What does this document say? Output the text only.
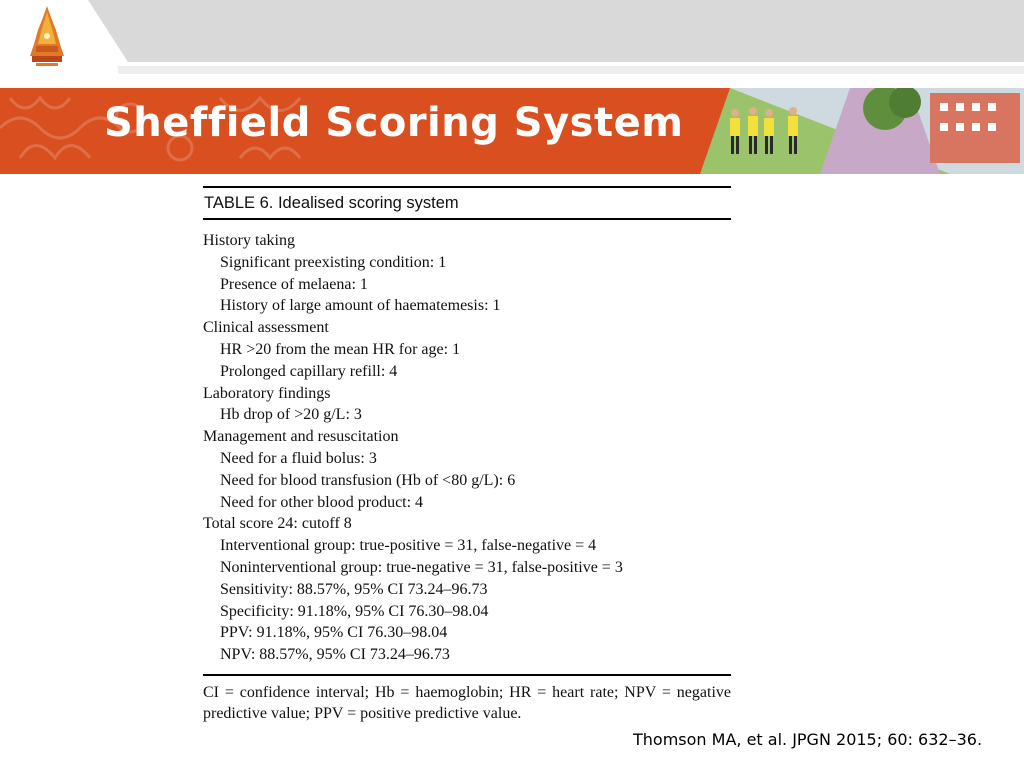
Sheffield Scoring System
TABLE 6. Idealised scoring system
History taking
Significant preexisting condition: 1
Presence of melaena: 1
History of large amount of haematemesis: 1
Clinical assessment
HR >20 from the mean HR for age: 1
Prolonged capillary refill: 4
Laboratory findings
Hb drop of >20 g/L: 3
Management and resuscitation
Need for a fluid bolus: 3
Need for blood transfusion (Hb of <80 g/L): 6
Need for other blood product: 4
Total score 24: cutoff 8
Interventional group: true-positive = 31, false-negative = 4
Noninterventional group: true-negative = 31, false-positive = 3
Sensitivity: 88.57%, 95% CI 73.24–96.73
Specificity: 91.18%, 95% CI 76.30–98.04
PPV: 91.18%, 95% CI 76.30–98.04
NPV: 88.57%, 95% CI 73.24–96.73
CI = confidence interval; Hb = haemoglobin; HR = heart rate; NPV = negative predictive value; PPV = positive predictive value.
Thomson MA, et al. JPGN 2015; 60: 632–36.
